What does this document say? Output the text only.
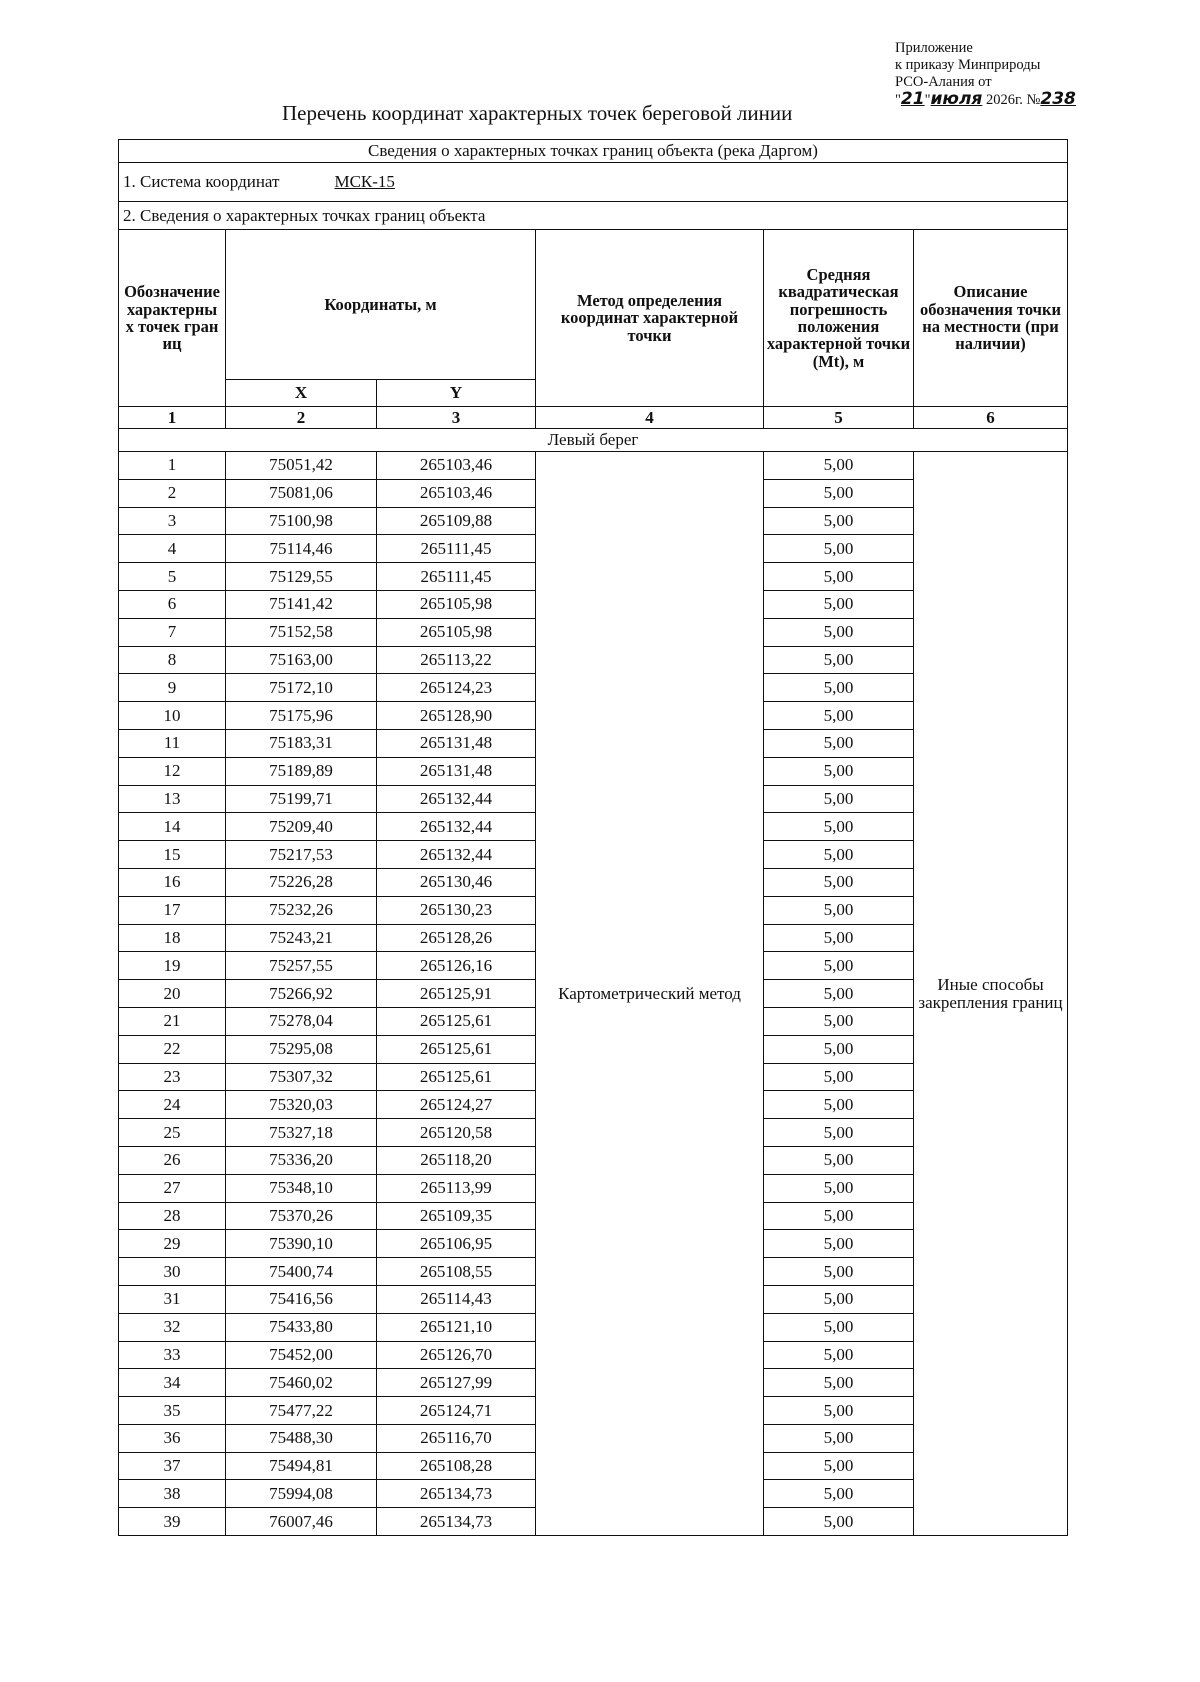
Приложение
к приказу Минприроды
РСО-Алания от
"21"июля 2026г. №238
Перечень координат характерных точек береговой линии
Сведения о характерных точках границ объекта (река Даргом)					
1. Система координат МСК-15					
2. Сведения о характерных точках границ объекта					
Обозначение характерных точек границ	Координаты, м		Метод определения координат характерной точки	Средняя квадратическая погрешность положения характерной точки (Mt), м	Описание обозначения точки на местности (при наличии)
	X	Y			
1	2	3	4	5	6
Левый берег					
1	75051,42	265103,46	Картометрический метод	5,00	Иные способы закрепления границ
2	75081,06	265103,46		5,00	
3	75100,98	265109,88		5,00	
4	75114,46	265111,45		5,00	
5	75129,55	265111,45		5,00	
6	75141,42	265105,98		5,00	
7	75152,58	265105,98		5,00	
8	75163,00	265113,22		5,00	
9	75172,10	265124,23		5,00	
10	75175,96	265128,90		5,00	
11	75183,31	265131,48		5,00	
12	75189,89	265131,48		5,00	
13	75199,71	265132,44		5,00	
14	75209,40	265132,44		5,00	
15	75217,53	265132,44		5,00	
16	75226,28	265130,46		5,00	
17	75232,26	265130,23		5,00	
18	75243,21	265128,26		5,00	
19	75257,55	265126,16		5,00	
20	75266,92	265125,91		5,00	
21	75278,04	265125,61		5,00	
22	75295,08	265125,61		5,00	
23	75307,32	265125,61		5,00	
24	75320,03	265124,27		5,00	
25	75327,18	265120,58		5,00	
26	75336,20	265118,20		5,00	
27	75348,10	265113,99		5,00	
28	75370,26	265109,35		5,00	
29	75390,10	265106,95		5,00	
30	75400,74	265108,55		5,00	
31	75416,56	265114,43		5,00	
32	75433,80	265121,10		5,00	
33	75452,00	265126,70		5,00	
34	75460,02	265127,99		5,00	
35	75477,22	265124,71		5,00	
36	75488,30	265116,70		5,00	
37	75494,81	265108,28		5,00	
38	75994,08	265134,73		5,00	
39	76007,46	265134,73		5,00	
